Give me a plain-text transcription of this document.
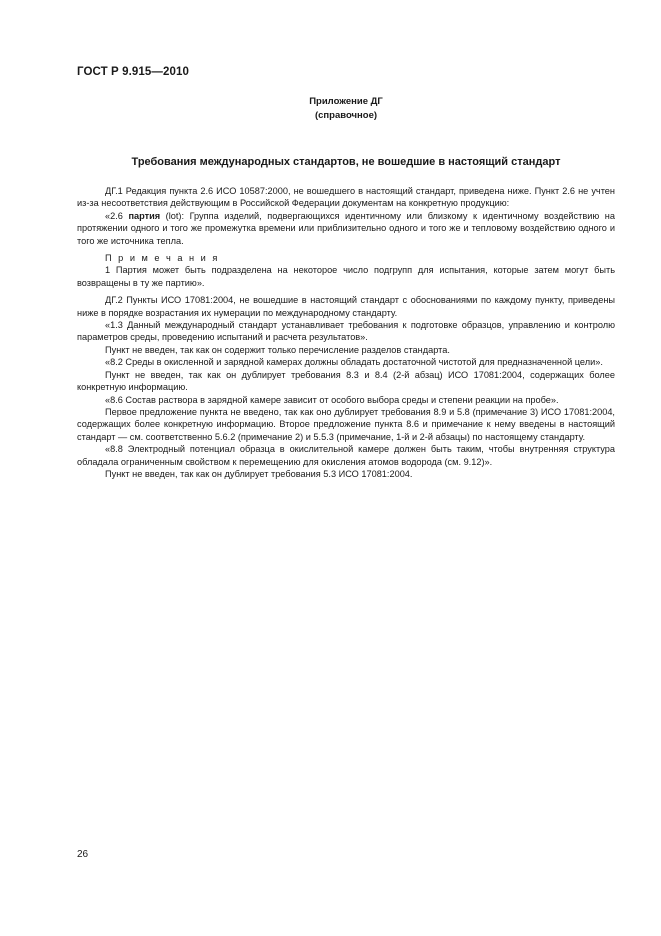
ГОСТ Р 9.915—2010
Приложение ДГ
(справочное)
Требования международных стандартов, не вошедшие в настоящий стандарт

ДГ.1 Редакция пункта 2.6 ИСО 10587:2000, не вошедшего в настоящий стандарт, приведена ниже. Пункт 2.6 не учтен из-за несоответствия действующим в Российской Федерации документам на конкретную продукцию:

«2.6 партия (lot): Группа изделий, подвергающихся идентичному или близкому к идентичному воздействию на протяжении одного и того же промежутка времени или приблизительно одного и того же и тепловому воздействию одного и того же источника тепла.

П р и м е ч а н и я

1 Партия может быть подразделена на некоторое число подгрупп для испытания, которые затем могут быть возвращены в ту же партию».

ДГ.2 Пункты ИСО 17081:2004, не вошедшие в настоящий стандарт с обоснованиями по каждому пункту, приведены ниже в порядке возрастания их нумерации по международному стандарту.

«1.3 Данный международный стандарт устанавливает требования к подготовке образцов, управлению и контролю параметров среды, проведению испытаний и расчета результатов».

Пункт не введен, так как он содержит только перечисление разделов стандарта.

«8.2 Среды в окисленной и зарядной камерах должны обладать достаточной чистотой для предназначенной цели».

Пункт не введен, так как он дублирует требования 8.3 и 8.4 (2-й абзац) ИСО 17081:2004, содержащих более конкретную информацию.

«8.6 Состав раствора в зарядной камере зависит от особого выбора среды и степени реакции на пробе».

Первое предложение пункта не введено, так как оно дублирует требования 8.9 и 5.8 (примечание 3) ИСО 17081:2004, содержащих более конкретную информацию. Второе предложение пункта 8.6 и примечание к нему введены в настоящий стандарт — см. соответственно 5.6.2 (примечание 2) и 5.5.3 (примечание, 1-й и 2-й абзацы) по настоящему стандарту.

«8.8 Электродный потенциал образца в окислительной камере должен быть таким, чтобы внутренняя структура обладала ограниченным свойством к перемещению для окисления атомов водорода (см. 9.12)».

Пункт не введен, так как он дублирует требования 5.3 ИСО 17081:2004.

26
